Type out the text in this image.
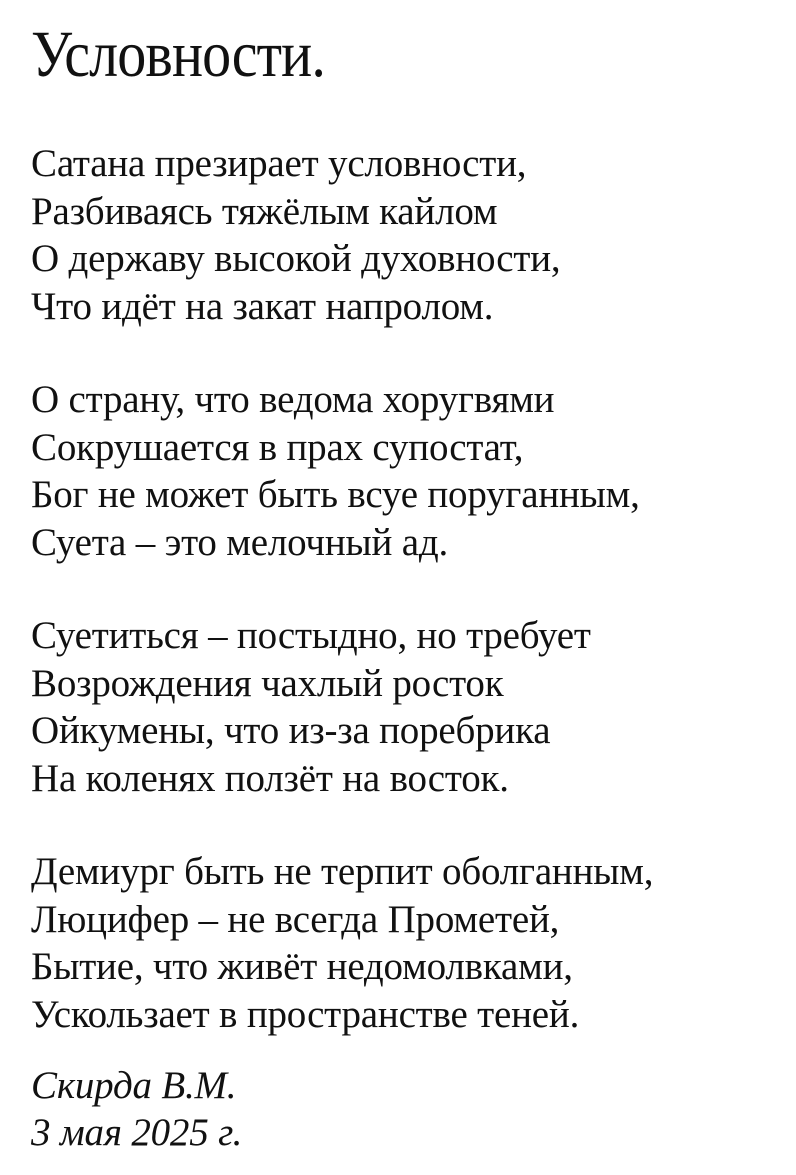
Условности.
Сатана презирает условности,
Разбиваясь тяжёлым кайлом
О державу высокой духовности,
Что идёт на закат напролом.
О страну, что ведома хоругвями
Сокрушается в прах супостат,
Бог не может быть всуе поруганным,
Суета – это мелочный ад.
Суетиться – постыдно, но требует
Возрождения чахлый росток
Ойкумены, что из-за поребрика
На коленях ползёт на восток.
Демиург быть не терпит оболганным,
Люцифер – не всегда Прометей,
Бытие, что живёт недомолвками,
Ускользает в пространстве теней.
Скирда В.М.
3 мая 2025 г.
